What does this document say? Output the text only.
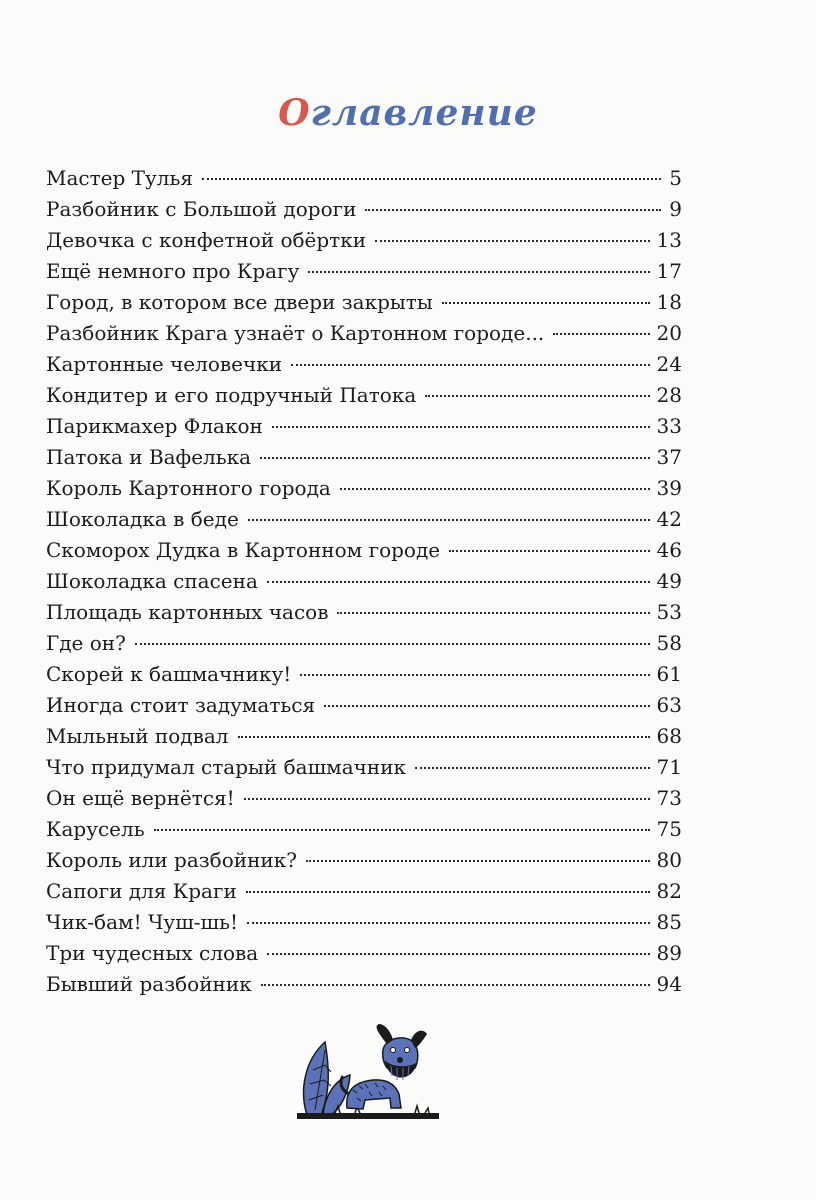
Оглавление
Мастер Тулья	5
Разбойник с Большой дороги	9
Девочка с конфетной обёртки	13
Ещё немного про Крагу	17
Город, в котором все двери закрыты	18
Разбойник Крага узнаёт о Картонном городе...	20
Картонные человечки	24
Кондитер и его подручный Патока	28
Парикмахер Флакон	33
Патока и Вафелька	37
Король Картонного города	39
Шоколадка в беде	42
Скоморох Дудка в Картонном городе	46
Шоколадка спасена	49
Площадь картонных часов	53
Где он?	58
Скорей к башмачнику!	61
Иногда стоит задуматься	63
Мыльный подвал	68
Что придумал старый башмачник	71
Он ещё вернётся!	73
Карусель	75
Король или разбойник?	80
Сапоги для Краги	82
Чик-бам! Чуш-шь!	85
Три чудесных слова	89
Бывший разбойник	94
